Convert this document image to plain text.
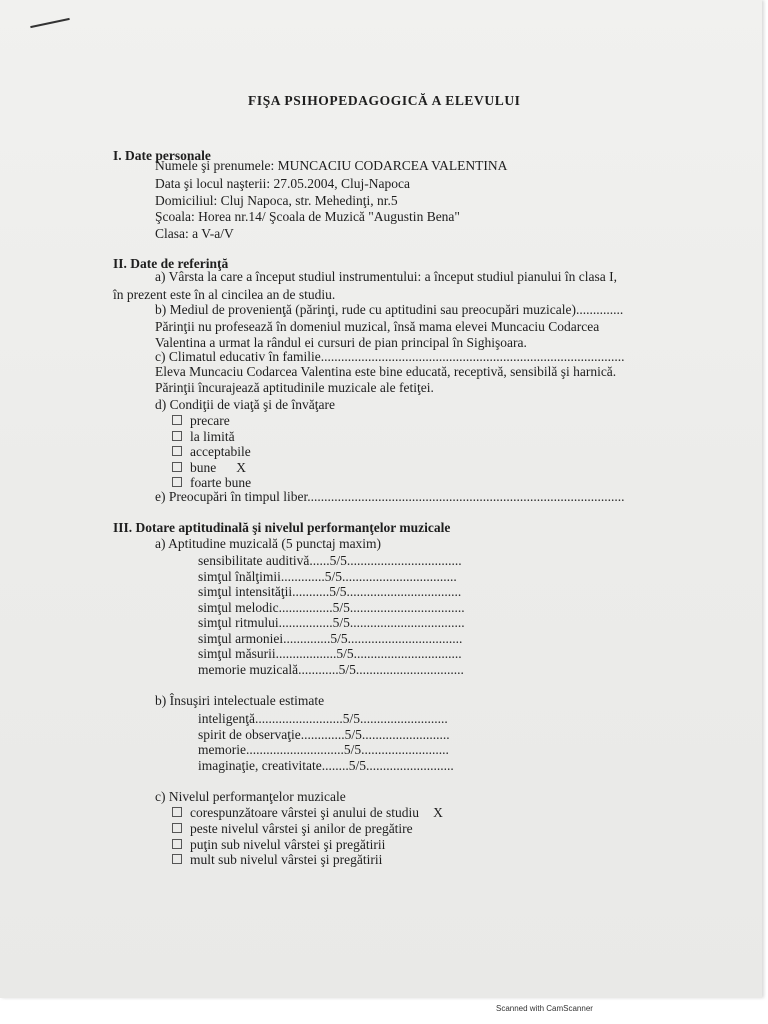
FIŞA PSIHOPEDAGOGICĂ A ELEVULUI
I. Date personale
Numele şi prenumele: MUNCACIU CODARCEA VALENTINA
Data şi locul naşterii: 27.05.2004, Cluj-Napoca
Domiciliul: Cluj Napoca, str. Mehedinţi, nr.5
Şcoala: Horea nr.14/ Şcoala de Muzică "Augustin Bena"
Clasa: a V-a/V
II. Date de referinţă
a) Vârsta la care a început studiul instrumentului: a început studiul pianului în clasa I,
în prezent este în al cincilea an de studiu.
b) Mediul de provenienţă (părinţi, rude cu aptitudini sau preocupări muzicale)..............
Părinţii nu profesează în domeniul muzical, însă mama elevei Muncaciu Codarcea
Valentina a urmat la rândul ei cursuri de pian principal în Sighişoara.
c) Climatul educativ în familie..........................................................................................
Eleva Muncaciu Codarcea Valentina este bine educată, receptivă, sensibilă şi harnică.
Părinţii încurajează aptitudinile muzicale ale fetiţei.
d) Condiţii de viaţă şi de învăţare
precare
la limită
acceptabile
bune X
foarte bune
e) Preocupări în timpul liber..............................................................................................
III. Dotare aptitudinală şi nivelul performanţelor muzicale
a) Aptitudine muzicală (5 punctaj maxim)
sensibilitate auditivă......5/5..................................
simţul înălţimii.............5/5..................................
simţul intensităţii...........5/5..................................
simţul melodic................5/5..................................
simţul ritmului................5/5..................................
simţul armoniei..............5/5..................................
simţul măsurii..................5/5................................
memorie muzicală............5/5................................
b) Însuşiri intelectuale estimate
inteligenţă..........................5/5..........................
spirit de observaţie.............5/5..........................
memorie.............................5/5..........................
imaginaţie, creativitate........5/5..........................
c) Nivelul performanţelor muzicale
corespunzătoare vârstei şi anului de studiu X
peste nivelul vârstei şi anilor de pregătire
puţin sub nivelul vârstei şi pregătirii
mult sub nivelul vârstei şi pregătirii
Scanned with CamScanner
